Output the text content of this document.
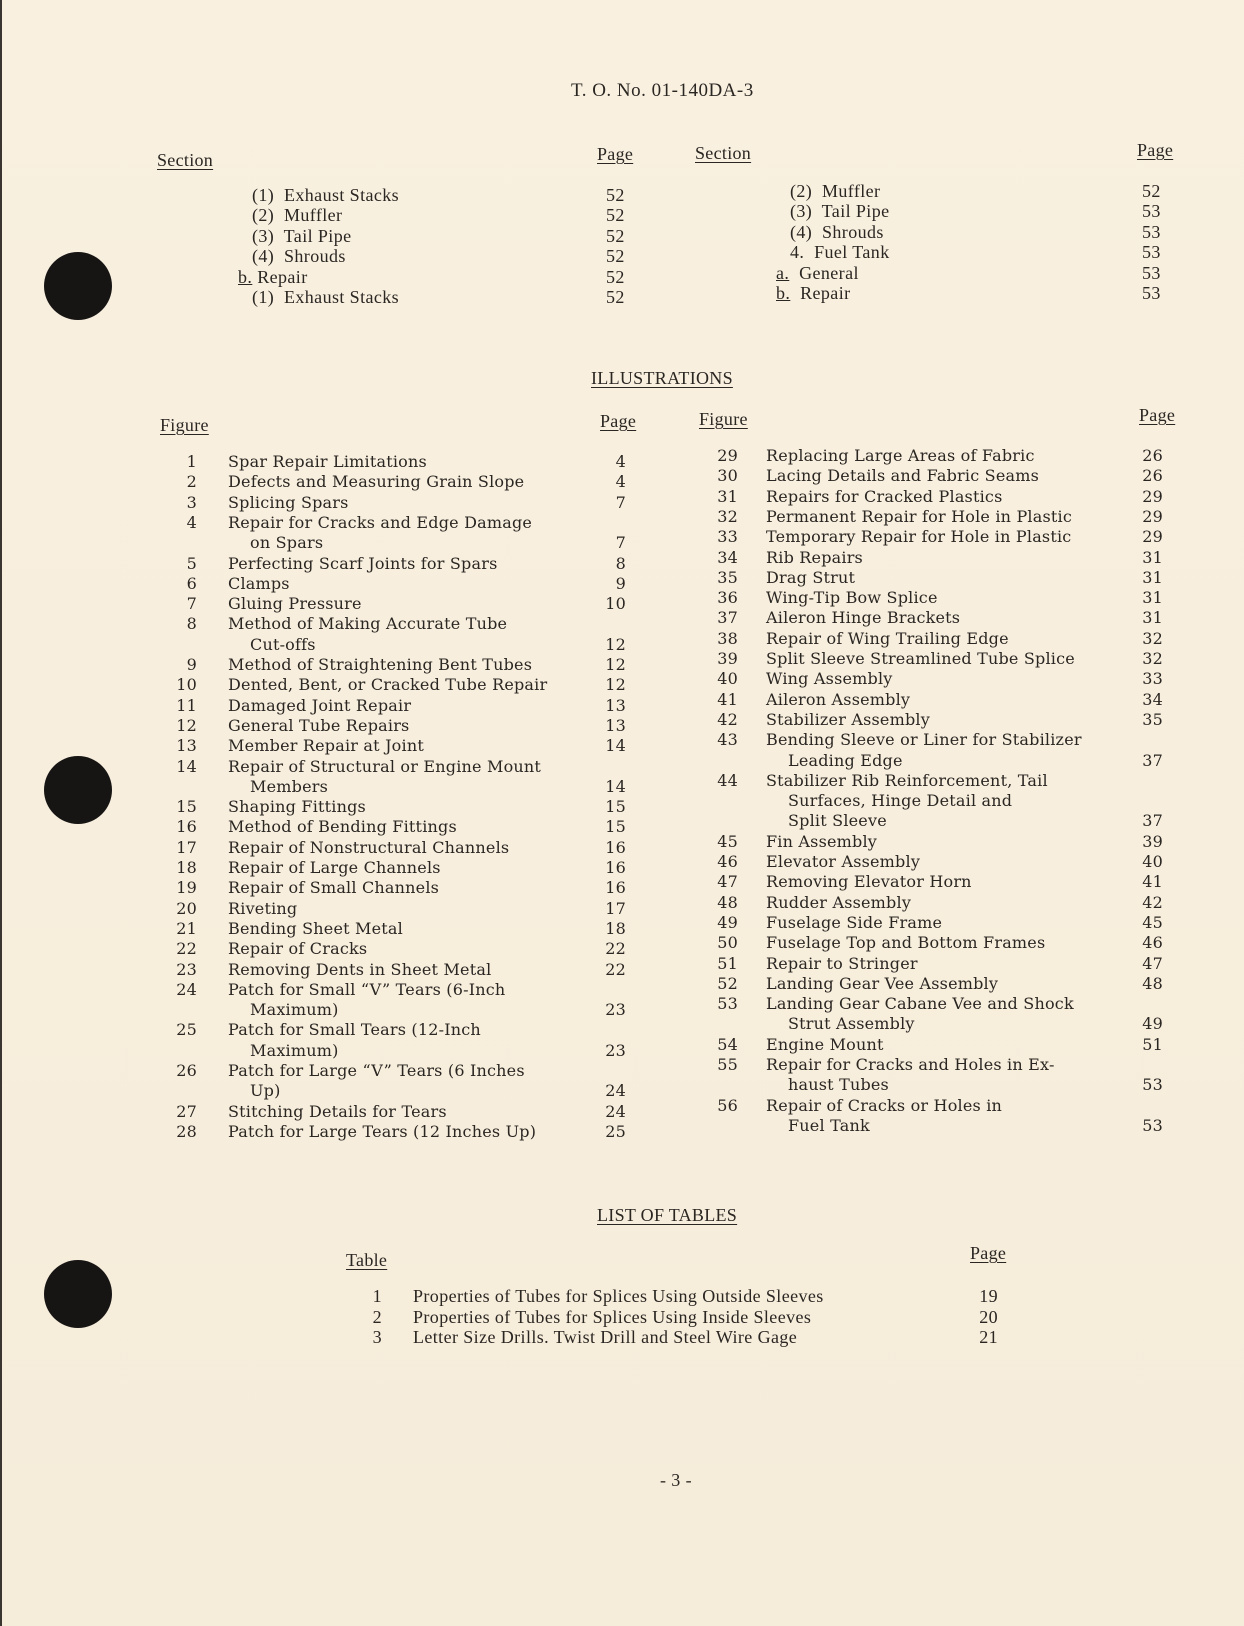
T. O. No. 01-140DA-3
Section	Page	Section	Page
(1)  Exhaust Stacks	52
(2)  Muffler	52
(3)  Tail Pipe	52
(4)  Shrouds	52
b. Repair	52
(1)  Exhaust Stacks	52
(2)  Muffler	52
(3)  Tail Pipe	53
(4)  Shrouds	53
4.  Fuel Tank	53
a.  General	53
b.  Repair	53
ILLUSTRATIONS
Figure	Page	Figure	Page
1 Spar Repair Limitations	4
2 Defects and Measuring Grain Slope	4
3 Splicing Spars	7
4 Repair for Cracks and Edge Damage
on Spars	7
5 Perfecting Scarf Joints for Spars	8
6 Clamps	9
7 Gluing Pressure	10
8 Method of Making Accurate Tube
Cut-offs	12
9 Method of Straightening Bent Tubes	12
10 Dented, Bent, or Cracked Tube Repair	12
11 Damaged Joint Repair	13
12 General Tube Repairs	13
13 Member Repair at Joint	14
14 Repair of Structural or Engine Mount
Members	14
15 Shaping Fittings	15
16 Method of Bending Fittings	15
17 Repair of Nonstructural Channels	16
18 Repair of Large Channels	16
19 Repair of Small Channels	16
20 Riveting	17
21 Bending Sheet Metal	18
22 Repair of Cracks	22
23 Removing Dents in Sheet Metal	22
24 Patch for Small “V” Tears (6-Inch
Maximum)	23
25 Patch for Small Tears (12-Inch
Maximum)	23
26 Patch for Large “V” Tears (6 Inches
Up)	24
27 Stitching Details for Tears	24
28 Patch for Large Tears (12 Inches Up)	25
29 Replacing Large Areas of Fabric	26
30 Lacing Details and Fabric Seams	26
31 Repairs for Cracked Plastics	29
32 Permanent Repair for Hole in Plastic	29
33 Temporary Repair for Hole in Plastic	29
34 Rib Repairs	31
35 Drag Strut	31
36 Wing-Tip Bow Splice	31
37 Aileron Hinge Brackets	31
38 Repair of Wing Trailing Edge	32
39 Split Sleeve Streamlined Tube Splice	32
40 Wing Assembly	33
41 Aileron Assembly	34
42 Stabilizer Assembly	35
43 Bending Sleeve or Liner for Stabilizer
Leading Edge	37
44 Stabilizer Rib Reinforcement, Tail
Surfaces, Hinge Detail and
Split Sleeve	37
45 Fin Assembly	39
46 Elevator Assembly	40
47 Removing Elevator Horn	41
48 Rudder Assembly	42
49 Fuselage Side Frame	45
50 Fuselage Top and Bottom Frames	46
51 Repair to Stringer	47
52 Landing Gear Vee Assembly	48
53 Landing Gear Cabane Vee and Shock
Strut Assembly	49
54 Engine Mount	51
55 Repair for Cracks and Holes in Ex-
haust Tubes	53
56 Repair of Cracks or Holes in
Fuel Tank	53
LIST OF TABLES
Table	Page
1 Properties of Tubes for Splices Using Outside Sleeves	19
2 Properties of Tubes for Splices Using Inside Sleeves	20
3 Letter Size Drills. Twist Drill and Steel Wire Gage	21
- 3 -
